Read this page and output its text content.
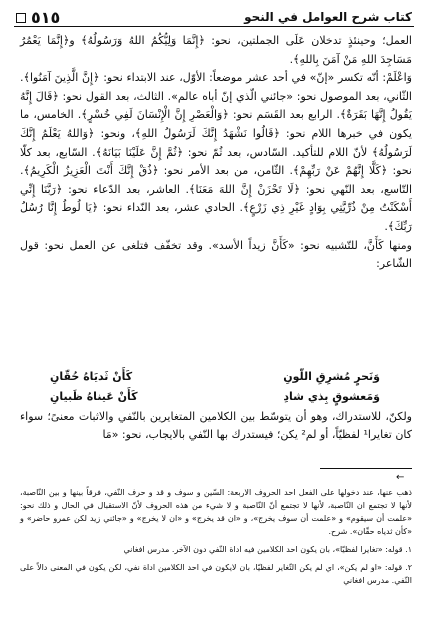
كتاب شرح العوامل في النحو
٥١٥

العمل؛ وحينئذٍ تدخلان عَلَى الجملتين، نحو: ﴿إِنَّمَا وَلِيُّكُمُ اللهُ وَرَسُولُهُ﴾ و﴿إِنَّمَا يَعْمُرُ مَسَاجِدَ اللهِ مَنْ آمَنَ بِاللهِ﴾.

وَاعْلَمْ: أنّه تكسر «إنّ» في أحد عشر موضعاً: الأوّل، عند الابتداء نحو: ﴿إِنَّ الَّذِينَ آمَنُوا﴾. الثّاني، بعد الموصول نحو: «جائني الّذي إنّ أباه عالم». الثالث، بعد القول نحو: ﴿قَالَ إِنَّهُ يَقُولُ إِنَّهَا بَقَرَةٌ﴾. الرابع بعد القَسَم نحو: ﴿وَالْعَصْرِ إِنَّ الْإِنْسَانَ لَفِي خُسْرٍ﴾. الخامس، ما يكون في خبرها اللام نحو: ﴿قَالُوا نَشْهَدُ إِنَّكَ لَرَسُولُ اللهِ﴾، ونحو: ﴿وَاللهُ يَعْلَمُ إِنَّكَ لَرَسُولُهُ﴾ لأنّ اللام للتأكيد. السّادس، بعد ثُمّ نحو: ﴿ثُمَّ إِنَّ عَلَيْنَا بَيَانَهُ﴾. السّابع، بعد كلّا نحو: ﴿كَلَّا إِنَّهُمْ عَنْ رَبِّهِمْ﴾. الثّامن، من بعد الأمر نحو: ﴿ذُقْ إِنَّكَ أَنْتَ الْعَزِيزُ الْكَرِيمُ﴾. التّاسع، بعد النّهي نحو: ﴿لَا تَحْزَنْ إِنَّ اللهَ مَعَنَا﴾. العاشر، بعد الدّعاء نحو: ﴿رَبَّنَا إِنِّي أَسْكَنْتُ مِنْ ذُرِّيَّتِي بِوَادٍ غَيْرِ ذِي زَرْعٍ﴾. الحادي عشر، بعد النّداء نحو: ﴿يَا لُوطُ إِنَّا رُسُلُ رَبِّكَ﴾.

ومنها كَأَنَّ، للتّشبيه نحو: «كَأَنَّ زيداً الأسد». وقد تخفّف فتلغى عن العمل نحو: قول الشّاعر:

وَنَحرٍ مُشرِقِ اللّونِ
كَأَنْ ثَديَاهُ حُقّانِ
وَمَعشوقٍ بِذي شادِ
كَأَنْ عَيناهُ ظَبيانِ

ولكنّ، للاستدراك، وهو أن يتوسّط بين الكلامين المتغايرين بالنّفي والاثبات معنىً؛ سواء كان تغايرا¹ لفظيّاً، أو لم² يكن؛ فيستدرك بها النّفي بالايجاب، نحو: «مَا

←

ذهب عنها، عند دخولها على الفعل احد الحروف الاربعة: السّين و سوف و قد و حرف النّفي، فرقاً بينها و بين النّاصبة، لأنها لا تجتمع ان النّاصبة، لأنها لا تجتمع أنّ النّاصبة و لا شيء من هذه الحروف لأنّ الاستقبال في الحال و ذلك نحو: «علمت أن سيقوم» و «علمت أن سوف يخرج»، و «ان قد يخرج» و «ان لا يخرج» و «جائني زيد لكن عمرو حاضر» و «كأن ثدياه حقّان». شرح.

١. قوله: «تغايرا لفظيّا»، بان يكون احد الكلامين فيه اداة النّفي دون الآخر. مدرس افغاني

٢. قوله: «او لم يكن»، اي لم يكن التّغاير لفظيّا، بان لايكون في احد الكلامين اداة نفي، لكن يكون في المعنى دالاً على النّفي. مدرس افغاني
